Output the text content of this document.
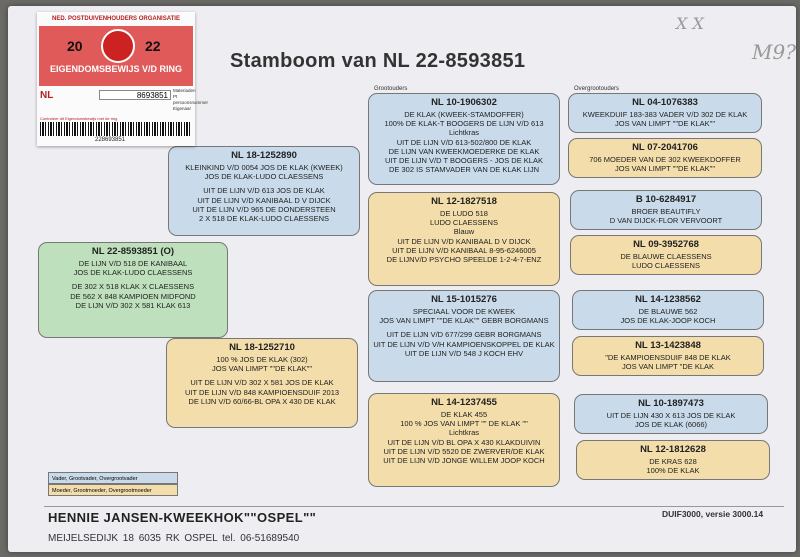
Stamboom van NL 22-8593851
X X
M9?
Grootouders	Overgrootouders
NL 22-8593851 (O)
DE LIJN V/D 518 DE KANIBAAL
JOS DE KLAK-LUDO CLAESSENS
DE 302 X 518 KLAK X CLAESSENS
DE 562 X 848 KAMPIOEN MIDFOND
DE LIJN V/D 302 X 581 KLAK 613
NL 18-1252890
KLEINKIND V/D 0054 JOS DE KLAK (KWEEK)
JOS DE KLAK-LUDO CLAESSENS
UIT DE LIJN V/D 613 JOS DE KLAK
UIT DE LIJN V/D KANIBAAL D V DIJCK
UIT DE LIJN V/D 965 DE DONDERSTEEN
2 X 518 DE KLAK-LUDO CLAESSENS
NL 18-1252710
100 % JOS DE KLAK (302)
JOS VAN LIMPT ""DE KLAK""
UIT DE LIJN V/D 302 X 581 JOS DE KLAK
UIT DE LIJN V/D 848 KAMPIOENSDUIF 2013
DE LIJN V/D 60/66-BL OPA X 430 DE KLAK
NL 10-1906302
DE KLAK (KWEEK-STAMDOFFER)
100% DE KLAK-T BOOGERS DE LIJN V/D 613
Lichtkras
UIT DE LIJN V/D 613-502/800 DE KLAK
DE LIJN VAN KWEEKMOEDERKE DE KLAK
UIT DE LIJN V/D T BOOGERS - JOS DE KLAK
DE 302 IS STAMVADER VAN DE KLAK LIJN
NL 12-1827518
DE LUDO 518
LUDO CLAESSENS
Blauw
UIT DE LIJN V/D KANIBAAL D V DIJCK
UIT DE LIJN V/D KANIBAAL 8-95-6246005
DE LIJNV/D PSYCHO SPEELDE 1-2-4-7-ENZ
NL 15-1015276
SPECIAAL VOOR DE KWEEK
JOS VAN LIMPT ""DE KLAK"" GEBR BORGMANS
UIT DE LIJN V/D 677/299 GEBR BORGMANS
UIT DE LIJN V/D V/H KAMPIOENSKOPPEL DE KLAK
UIT DE LIJN V/D 548 J KOCH EHV
NL 14-1237455
DE KLAK 455
100 % JOS VAN LIMPT "" DE KLAK ""
Lichtkras
UIT DE LIJN V/D BL OPA X 430 KLAKDUIVIN
UIT DE LIJN V/D 5520 DE ZWERVER/DE KLAK
UIT DE LIJN V/D JONGE WILLEM JOOP KOCH
NL 04-1076383
KWEEKDUIF 183-383 VADER V/D 302 DE KLAK
JOS VAN LIMPT ""DE KLAK""
NL 07-2041706
706 MOEDER VAN DE 302 KWEEKDOFFER
JOS VAN LIMPT ""DE KLAK""
B 10-6284917
BROER BEAUTIFLY
D VAN DIJCK-FLOR VERVOORT
NL 09-3952768
DE BLAUWE CLAESSENS
LUDO CLAESSENS
NL 14-1238562
DE BLAUWE 562
JOS DE KLAK-JOOP KOCH
NL 13-1423848
"DE KAMPIOENSDUIF 848 DE KLAK
JOS VAN LIMPT "DE KLAK
NL 10-1897473
UIT DE LIJN 430 X 613 JOS DE KLAK
JOS DE KLAK (6066)
NL 12-1812628
DE KRAS 628
100% DE KLAK
Vader, Grootvader, Overgrootvader
Moeder, Grootmoeder, Overgrootmoeder
HENNIE JANSEN-KWEEKHOK""OSPEL""
MEIJELSEDIJK 18 6035 RK OSPEL tel. 06-51689540
DUIF3000, versie 3000.14
NED. POSTDUIVENHOUDERS ORGANISATIE
20	22
EIGENDOMSBEWIJS V/D RING
NL	8693851
Materiaden
Pt persoonsnummer
Eigenaar
Controleer dit Eigendomsbewijs met de ring
228693851
